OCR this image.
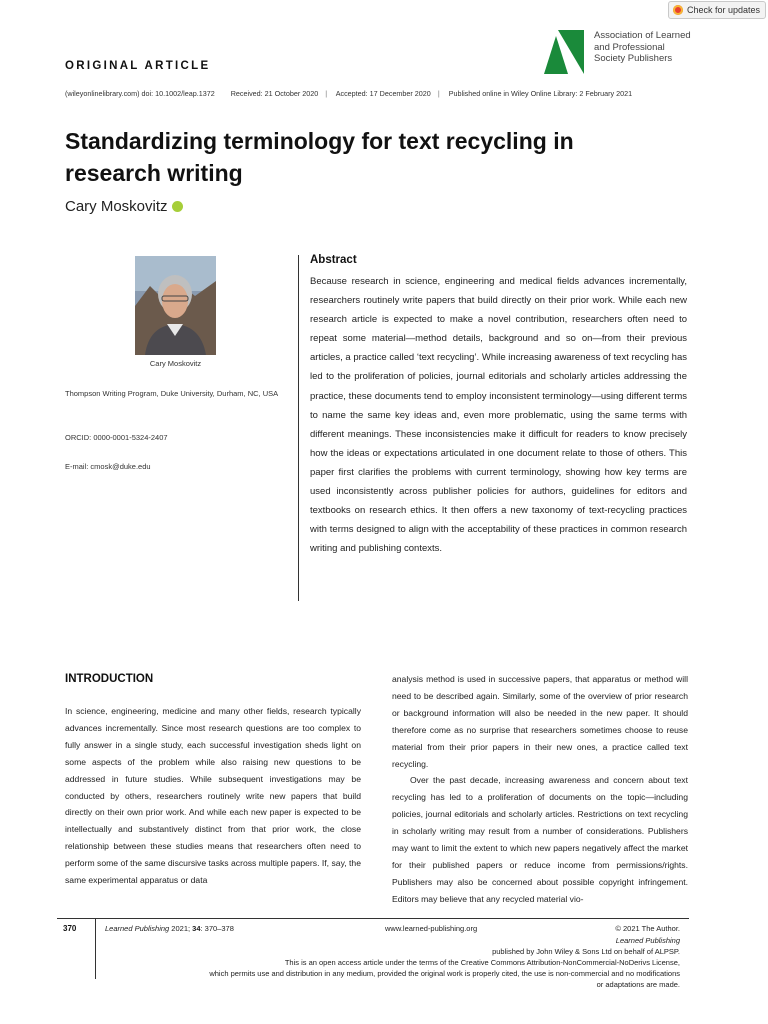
Check for updates
Association of Learned
and Professional
Society Publishers
ORIGINAL ARTICLE
(wileyonlinelibrary.com) doi: 10.1002/leap.1372 Received: 21 October 2020 | Accepted: 17 December 2020 | Published online in Wiley Online Library: 2 February 2021
Standardizing terminology for text recycling in research writing
Cary Moskovitz
Cary Moskovitz
Thompson Writing Program, Duke University, Durham, NC, USA
ORCID: 0000-0001-5324-2407
E-mail: cmosk@duke.edu
Abstract

Because research in science, engineering and medical fields advances incrementally, researchers routinely write papers that build directly on their prior work. While each new research article is expected to make a novel contribution, researchers often need to repeat some material—method details, background and so on—from their previous articles, a practice called ‘text recycling’. While increasing awareness of text recycling has led to the proliferation of policies, journal editorials and scholarly articles addressing the practice, these documents tend to employ inconsistent terminology—using different terms to name the same key ideas and, even more problematic, using the same terms with different meanings. These inconsistencies make it difficult for readers to know precisely how the ideas or expectations articulated in one document relate to those of others. This paper first clarifies the problems with current terminology, showing how key terms are used inconsistently across publisher policies for authors, guidelines for editors and textbooks on research ethics. It then offers a new taxonomy of text-recycling practices with terms designed to align with the acceptability of these practices in common research writing and publishing contexts.

INTRODUCTION

In science, engineering, medicine and many other fields, research typically advances incrementally. Since most research questions are too complex to fully answer in a single study, each successful investigation sheds light on some aspects of the problem while also raising new questions to be addressed in future studies. While subsequent investigations may be conducted by others, researchers routinely write new papers that build directly on their own prior work. And while each new paper is expected to be intellectually and substantively distinct from that prior work, the close relationship between these studies means that researchers often need to perform some of the same discursive tasks across multiple papers. If, say, the same experimental apparatus or data

analysis method is used in successive papers, that apparatus or method will need to be described again. Similarly, some of the overview of prior research or background information will also be needed in the new paper. It should therefore come as no surprise that researchers sometimes choose to reuse material from their prior papers in their new ones, a practice called text recycling.

Over the past decade, increasing awareness and concern about text recycling has led to a proliferation of documents on the topic—including policies, journal editorials and scholarly articles. Restrictions on text recycling in scholarly writing may result from a number of considerations. Publishers may want to limit the extent to which new papers negatively affect the market for their published papers or reduce income from permissions/rights. Publishers may also be concerned about possible copyright infringement. Editors may believe that any recycled material vio-

370	Learned Publishing 2021; 34: 370–378	www.learned-publishing.org	© 2021 The Author.
Learned Publishing
published by John Wiley & Sons Ltd on behalf of ALPSP.
This is an open access article under the terms of the Creative Commons Attribution-NonCommercial-NoDerivs License,
which permits use and distribution in any medium, provided the original work is properly cited, the use is non-commercial and no modifications
or adaptations are made.
